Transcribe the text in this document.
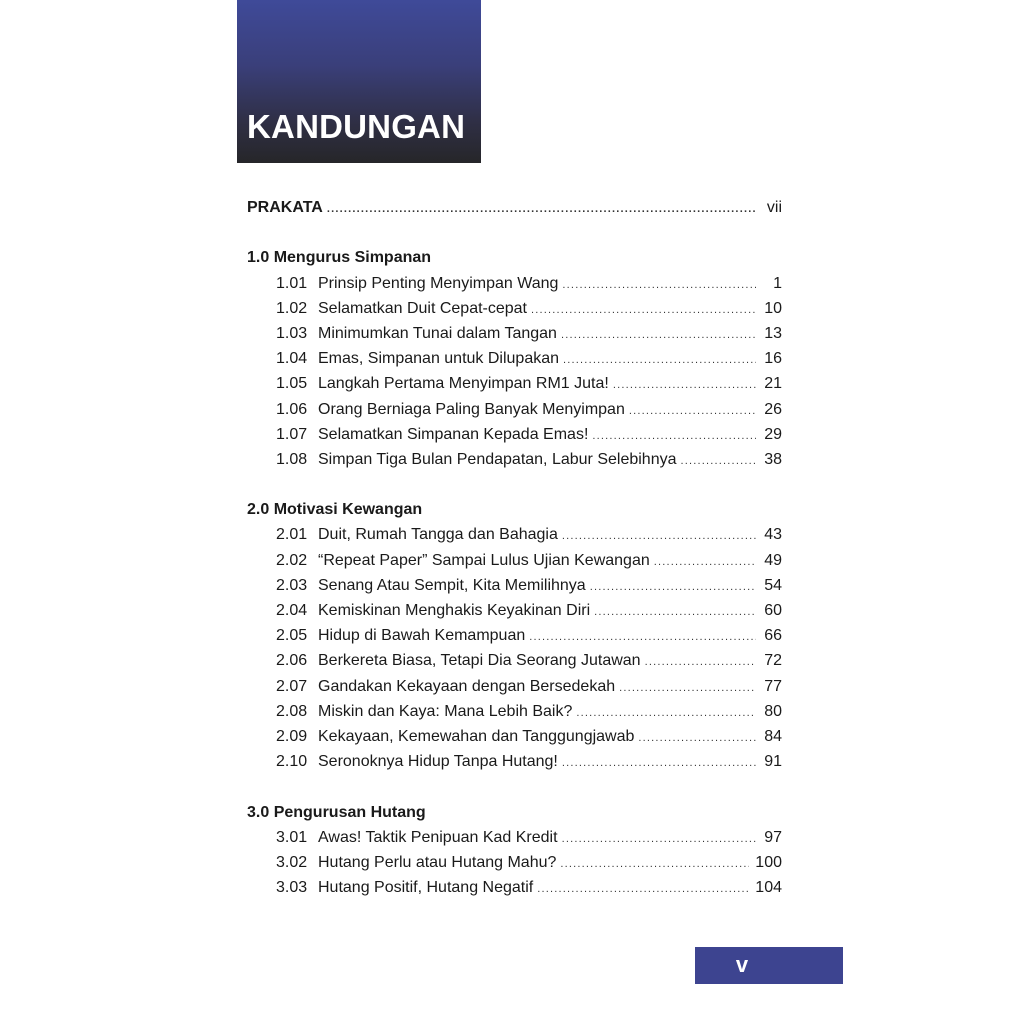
KANDUNGAN
PRAKATA .....	vii
1.0 Mengurus Simpanan
1.01 Prinsip Penting Menyimpan Wang .....	1
1.02 Selamatkan Duit Cepat-cepat .....	10
1.03 Minimumkan Tunai dalam Tangan .....	13
1.04 Emas, Simpanan untuk Dilupakan .....	16
1.05 Langkah Pertama Menyimpan RM1 Juta! .....	21
1.06 Orang Berniaga Paling Banyak Menyimpan .....	26
1.07 Selamatkan Simpanan Kepada Emas! .....	29
1.08 Simpan Tiga Bulan Pendapatan, Labur Selebihnya .....	38
2.0 Motivasi Kewangan
2.01 Duit, Rumah Tangga dan Bahagia .....	43
2.02 “Repeat Paper” Sampai Lulus Ujian Kewangan .....	49
2.03 Senang Atau Sempit, Kita Memilihnya .....	54
2.04 Kemiskinan Menghakis Keyakinan Diri .....	60
2.05 Hidup di Bawah Kemampuan .....	66
2.06 Berkereta Biasa, Tetapi Dia Seorang Jutawan .....	72
2.07 Gandakan Kekayaan dengan Bersedekah .....	77
2.08 Miskin dan Kaya: Mana Lebih Baik? .....	80
2.09 Kekayaan, Kemewahan dan Tanggungjawab .....	84
2.10 Seronoknya Hidup Tanpa Hutang! .....	91
3.0 Pengurusan Hutang
3.01 Awas! Taktik Penipuan Kad Kredit .....	97
3.02 Hutang Perlu atau Hutang Mahu? .....	100
3.03 Hutang Positif, Hutang Negatif .....	104
v
